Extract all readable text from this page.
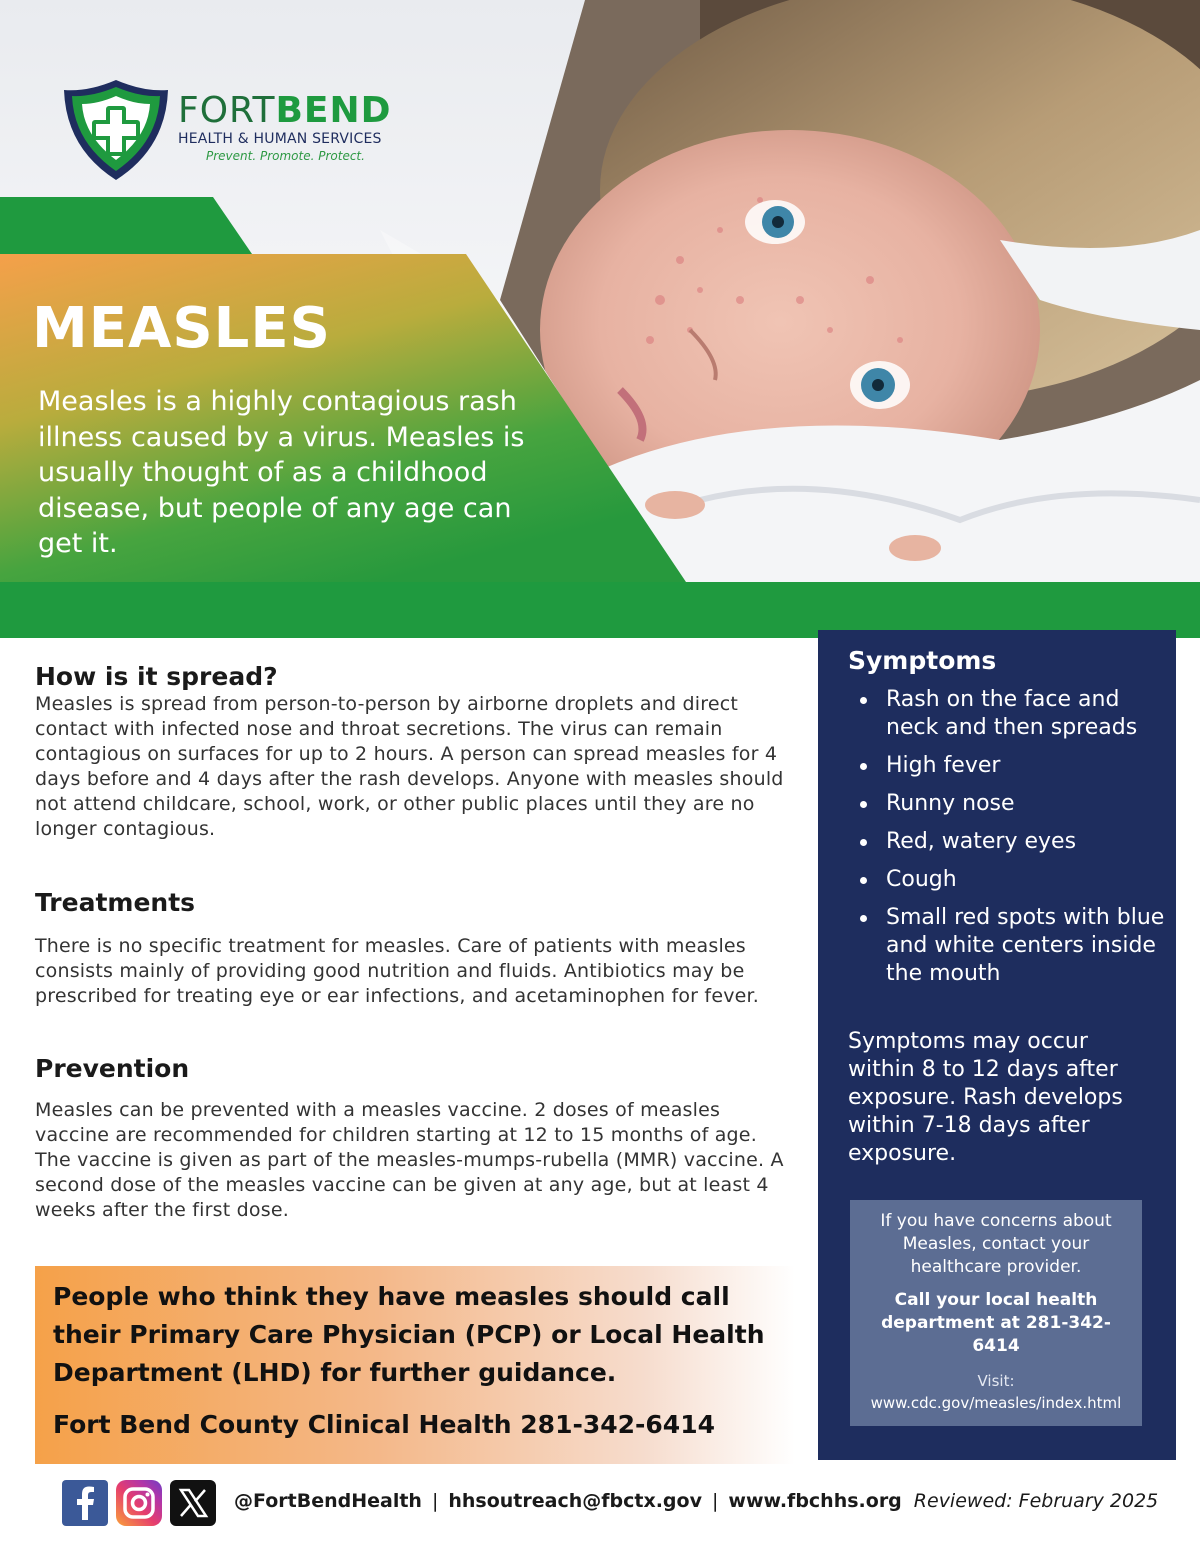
FORTBEND
HEALTH & HUMAN SERVICES
Prevent. Promote. Protect.
MEASLES
Measles is a highly contagious rash illness caused by a virus. Measles is usually thought of as a childhood disease, but people of any age can get it.
How is it spread?
Measles is spread from person-to-person by airborne droplets and direct contact with infected nose and throat secretions. The virus can remain contagious on surfaces for up to 2 hours. A person can spread measles for 4 days before and 4 days after the rash develops. Anyone with measles should not attend childcare, school, work, or other public places until they are no longer contagious.
Treatments
There is no specific treatment for measles. Care of patients with measles consists mainly of providing good nutrition and fluids. Antibiotics may be prescribed for treating eye or ear infections, and acetaminophen for fever.
Prevention
Measles can be prevented with a measles vaccine. 2 doses of measles vaccine are recommended for children starting at 12 to 15 months of age. The vaccine is given as part of the measles-mumps-rubella (MMR) vaccine. A second dose of the measles vaccine can be given at any age, but at least 4 weeks after the first dose.
People who think they have measles should call their Primary Care Physician (PCP) or Local Health Department (LHD) for further guidance.
Fort Bend County Clinical Health 281-342-6414
Symptoms
Rash on the face and neck and then spreads
High fever
Runny nose
Red, watery eyes
Cough
Small red spots with blue and white centers inside the mouth
Symptoms may occur within 8 to 12 days after exposure. Rash develops within 7-18 days after exposure.
If you have concerns about Measles, contact your healthcare provider.
Call your local health department at 281-342-6414
Visit:
www.cdc.gov/measles/index.html
@FortBendHealth | hhsoutreach@fbctx.gov | www.fbchhs.org Reviewed: February 2025
